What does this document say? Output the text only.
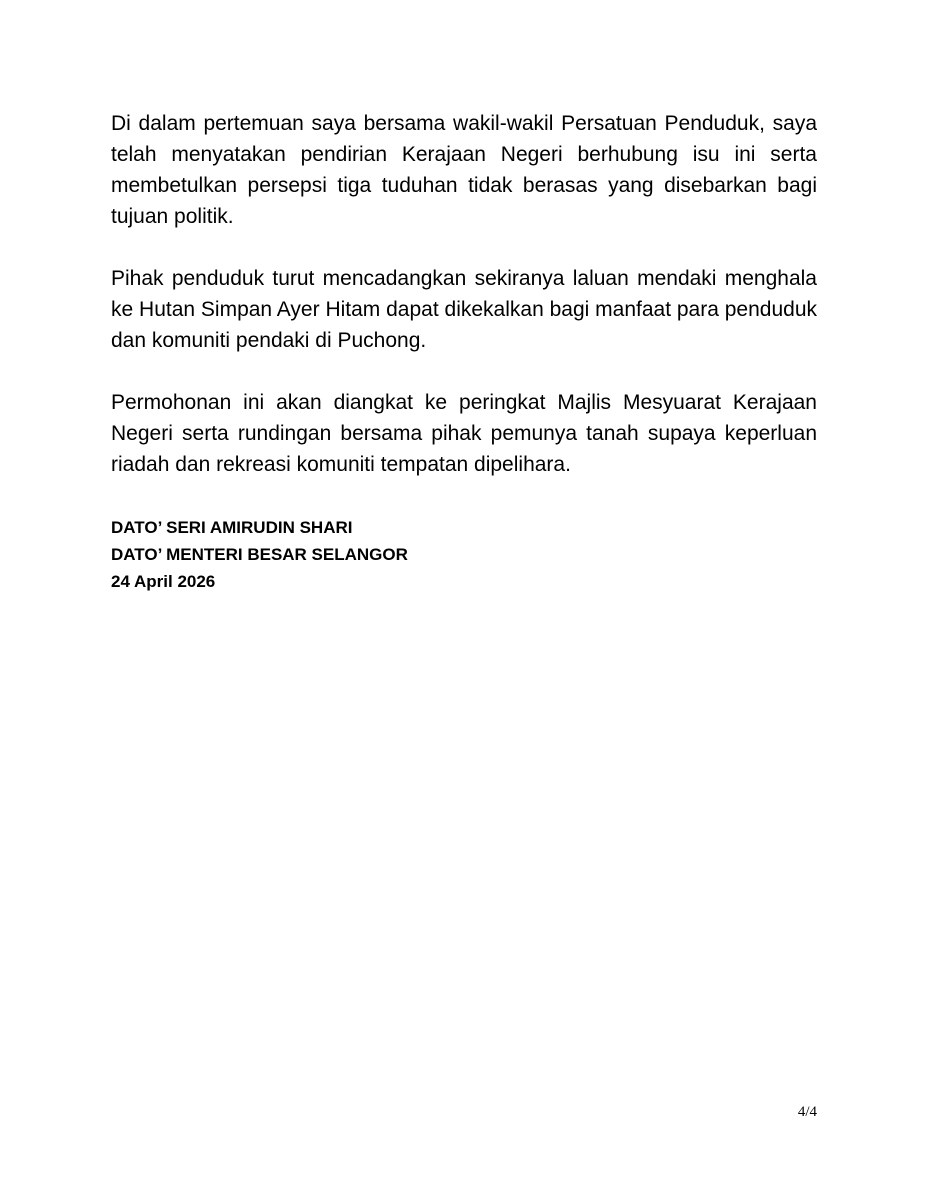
Di dalam pertemuan saya bersama wakil-wakil Persatuan Penduduk, saya telah menyatakan pendirian Kerajaan Negeri berhubung isu ini serta membetulkan persepsi tiga tuduhan tidak berasas yang disebarkan bagi tujuan politik.

Pihak penduduk turut mencadangkan sekiranya laluan mendaki menghala ke Hutan Simpan Ayer Hitam dapat dikekalkan bagi manfaat para penduduk dan komuniti pendaki di Puchong.

Permohonan ini akan diangkat ke peringkat Majlis Mesyuarat Kerajaan Negeri serta rundingan bersama pihak pemunya tanah supaya keperluan riadah dan rekreasi komuniti tempatan dipelihara.

DATO’ SERI AMIRUDIN SHARI

DATO’ MENTERI BESAR SELANGOR

24 April 2026

4/4
